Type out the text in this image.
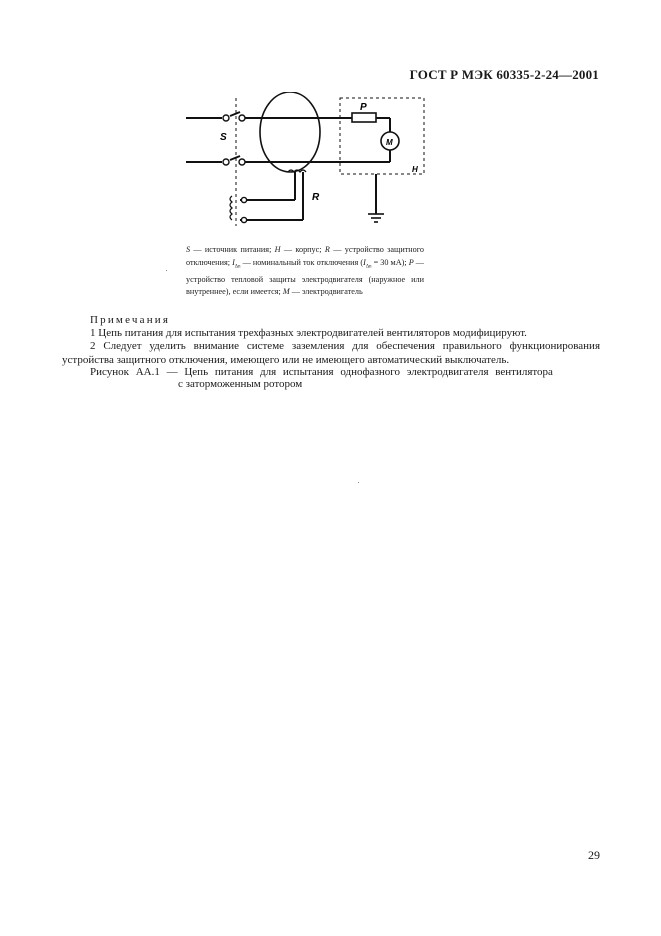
ГОСТ Р МЭК 60335-2-24—2001
S
P
M
H
R

S — источник питания; H — корпус; R — устройство защитного отключения; $I_{\Delta n}$ — номинальный ток отключения ($I_{\Delta n} = 30$ мА); P — устройство тепловой защиты электродвигателя (наружное или внутреннее), если имеется; M — электродвигатель

Примечания
1 Цепь питания для испытания трехфазных электродвигателей вентиляторов модифицируют.
2 Следует уделить внимание системе заземления для обеспечения правильного функционирования устройства защитного отключения, имеющего или не имеющего автоматический выключатель.
Рисунок АА.1 — Цепь питания для испытания однофазного электродвигателя вентилятора
с заторможенным ротором
29
